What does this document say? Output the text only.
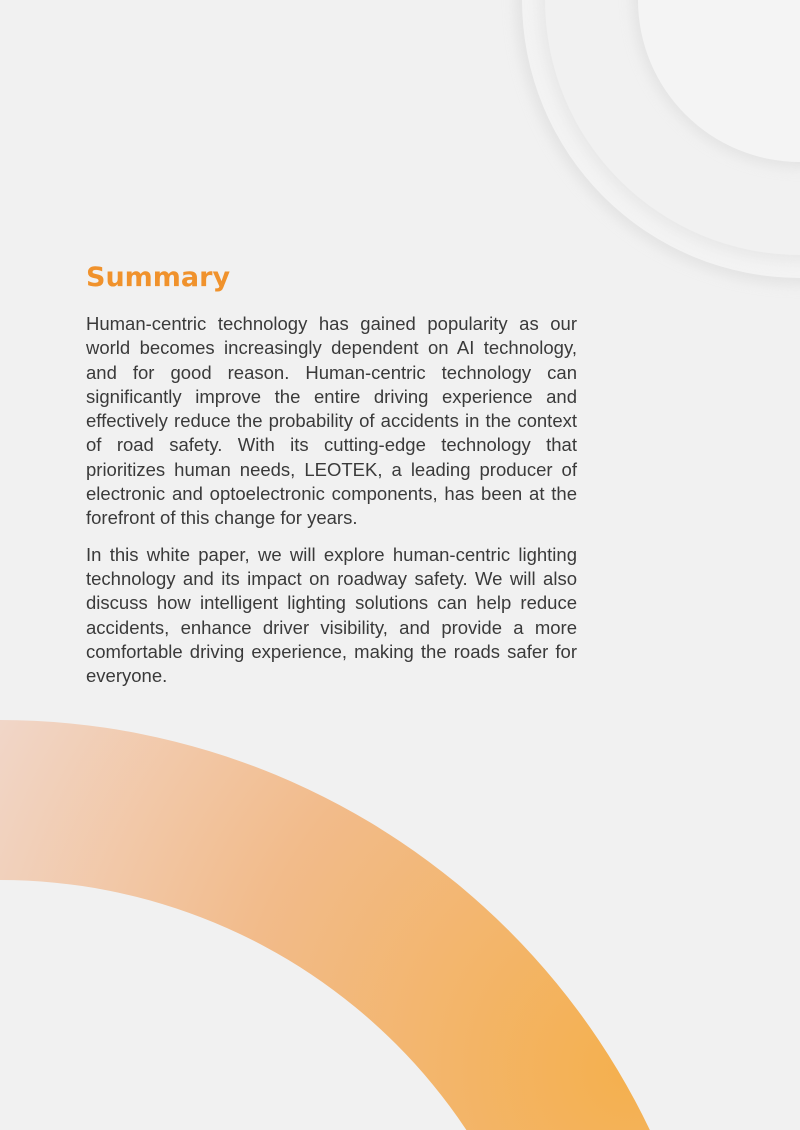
Summary

Human-centric technology has gained popularity as our world becomes increasingly dependent on AI technology, and for good reason. Human-centric technology can significantly improve the entire driving experience and effectively reduce the probability of accidents in the context of road safety. With its cutting-edge technology that prioritizes human needs, LEOTEK, a leading producer of electronic and optoelectronic components, has been at the forefront of this change for years.

In this white paper, we will explore human-centric lighting technology and its impact on roadway safety. We will also discuss how intelligent lighting solutions can help reduce accidents, enhance driver visibility, and provide a more comfortable driving experience, making the roads safer for everyone.
